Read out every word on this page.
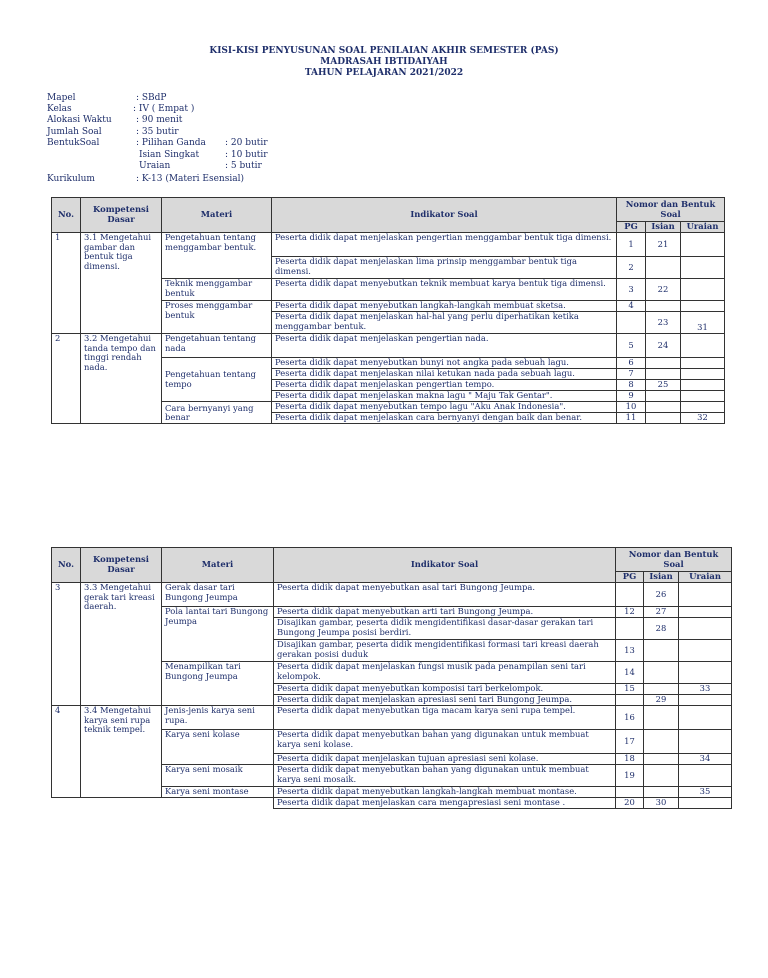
KISI-KISI PENYUSUNAN SOAL PENILAIAN AKHIR SEMESTER (PAS)
MADRASAH IBTIDAIYAH
TAHUN PELAJARAN 2021/2022
Mapel	: SBdP
Kelas	: IV ( Empat )
Alokasi Waktu	: 90 menit
Jumlah Soal	: 35 butir
BentukSoal	: Pilihan Ganda : 20 butir
Isian Singkat	: 10 butir
Uraian	: 5 butir
Kurikulum	: K-13 (Materi Esensial)
No.	Kompetensi Dasar	Materi	Indikator Soal	Nomor dan Bentuk Soal		
				PG	Isian	Uraian
1	3.1 Mengetahui gambar dan bentuk tiga dimensi.	Pengetahuan tentang menggambar bentuk.	Peserta didik dapat menjelaskan pengertian menggambar bentuk tiga dimensi.	1	21	
			Peserta didik dapat menjelaskan lima prinsip menggambar bentuk tiga dimensi.	2		
		Teknik menggambar bentuk	Peserta didik dapat menyebutkan teknik membuat karya bentuk tiga dimensi.	3	22	
		Proses menggambar bentuk	Peserta didik dapat menyebutkan langkah-langkah membuat sketsa.	4		
			Peserta didik dapat menjelaskan hal-hal yang perlu diperhatikan ketika menggambar bentuk.		23	31
2	3.2 Mengetahui tanda tempo dan tinggi rendah nada.	Pengetahuan tentang nada	Peserta didik dapat menjelaskan pengertian nada.	5	24	
		Pengetahuan tentang tempo	Peserta didik dapat menyebutkan bunyi not angka pada sebuah lagu.	6		
			Peserta didik dapat menjelaskan nilai ketukan nada pada sebuah lagu.	7		
			Peserta didik dapat menjelaskan pengertian tempo.	8	25	
			Peserta didik dapat menjelaskan makna lagu " Maju Tak Gentar".	9		
		Cara bernyanyi yang benar	Peserta didik dapat menyebutkan tempo lagu "Aku Anak Indonesia".	10		
			Peserta didik dapat menjelaskan cara bernyanyi dengan baik dan benar.	11		32
No.	Kompetensi Dasar	Materi	Indikator Soal	Nomor dan Bentuk Soal		
				PG	Isian	Uraian
3	3.3 Mengetahui gerak tari kreasi daerah.	Gerak dasar tari Bungong Jeumpa	Peserta didik dapat menyebutkan asal tari Bungong Jeumpa.		26	
		Pola lantai tari Bungong Jeumpa	Peserta didik dapat menyebutkan arti tari Bungong Jeumpa.	12	27	
			Disajikan gambar, peserta didik mengidentifikasi dasar-dasar gerakan tari Bungong Jeumpa posisi berdiri.		28	
			Disajikan gambar, peserta didik mengidentifikasi formasi tari kreasi daerah gerakan posisi duduk	13		
		Menampilkan tari Bungong Jeumpa	Peserta didik dapat menjelaskan fungsi musik pada penampilan seni tari kelompok.	14		
			Peserta didik dapat menyebutkan komposisi tari berkelompok.	15		33
			Peserta didik dapat menjelaskan apresiasi seni tari Bungong Jeumpa.		29	
4	3.4 Mengetahui karya seni rupa teknik tempel.	Jenis-jenis karya seni rupa.	Peserta didik dapat menyebutkan tiga macam karya seni rupa tempel.	16		
		Karya seni kolase	Peserta didik dapat menyebutkan bahan yang digunakan untuk membuat karya seni kolase.	17		
			Peserta didik dapat menjelaskan tujuan apresiasi seni kolase.	18		34
		Karya seni mosaik	Peserta didik dapat menyebutkan bahan yang digunakan untuk membuat karya seni mosaik.	19		
		Karya seni montase	Peserta didik dapat menyebutkan langkah-langkah membuat montase.			35
			Peserta didik dapat menjelaskan cara mengapresiasi seni montase .	20	30	
